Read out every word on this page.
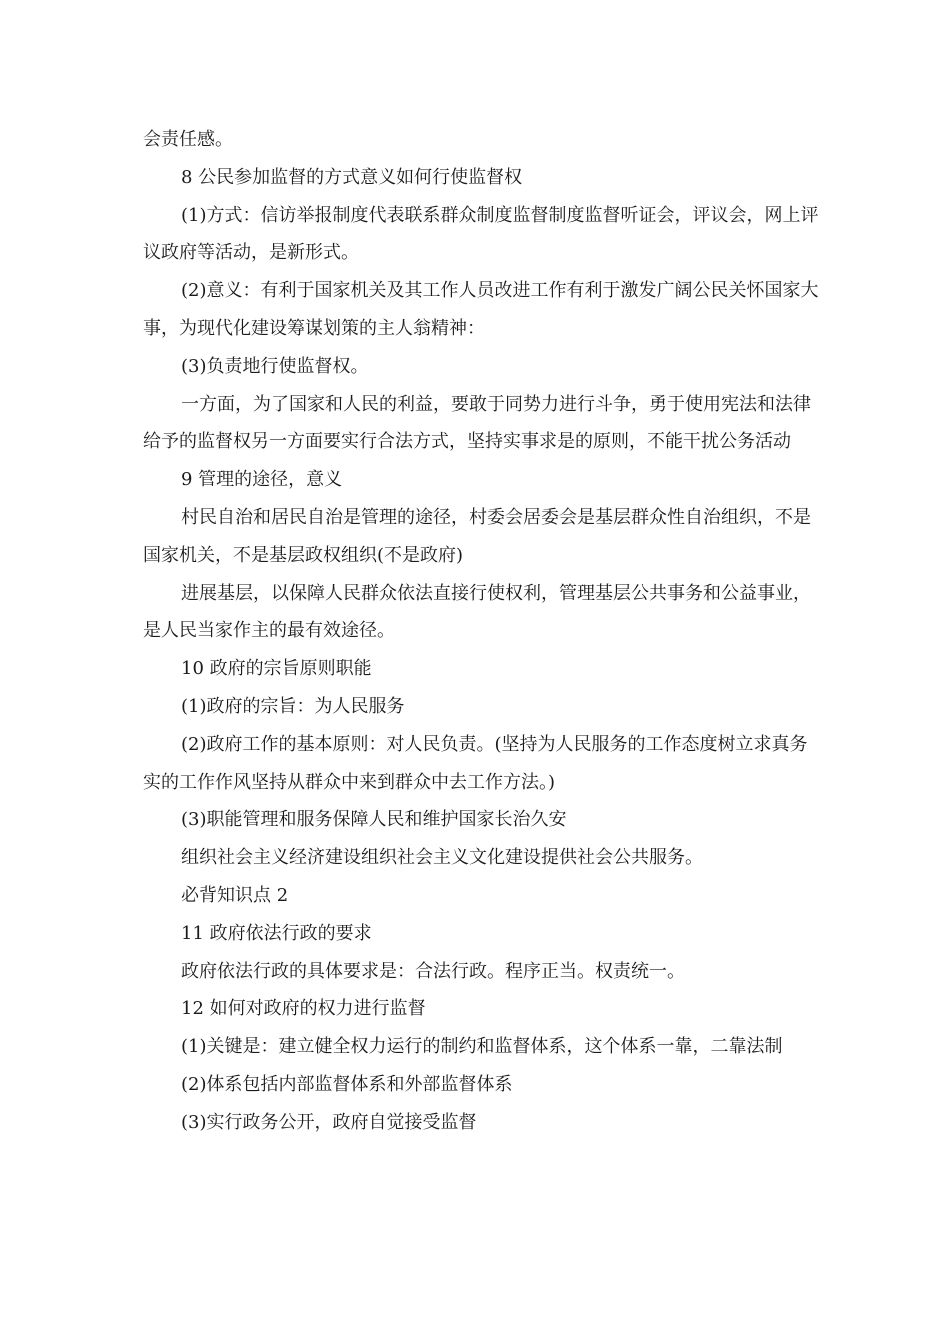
会责任感。

8 公民参加监督的方式意义如何行使监督权

(1)方式：信访举报制度代表联系群众制度监督制度监督听证会，评议会，网上评议政府等活动，是新形式。

(2)意义：有利于国家机关及其工作人员改进工作有利于激发广阔公民关怀国家大事，为现代化建设筹谋划策的主人翁精神：

(3)负责地行使监督权。

一方面，为了国家和人民的利益，要敢于同势力进行斗争，勇于使用宪法和法律给予的监督权另一方面要实行合法方式，坚持实事求是的原则，不能干扰公务活动

9 管理的途径，意义

村民自治和居民自治是管理的途径，村委会居委会是基层群众性自治组织，不是国家机关，不是基层政权组织(不是政府)

进展基层，以保障人民群众依法直接行使权利，管理基层公共事务和公益事业，是人民当家作主的最有效途径。

10 政府的宗旨原则职能

(1)政府的宗旨：为人民服务

(2)政府工作的基本原则：对人民负责。(坚持为人民服务的工作态度树立求真务实的工作作风坚持从群众中来到群众中去工作方法。)

(3)职能管理和服务保障人民和维护国家长治久安

组织社会主义经济建设组织社会主义文化建设提供社会公共服务。

必背知识点 2

11 政府依法行政的要求

政府依法行政的具体要求是：合法行政。程序正当。权责统一。

12 如何对政府的权力进行监督

(1)关键是：建立健全权力运行的制约和监督体系，这个体系一靠，二靠法制

(2)体系包括内部监督体系和外部监督体系

(3)实行政务公开，政府自觉接受监督
